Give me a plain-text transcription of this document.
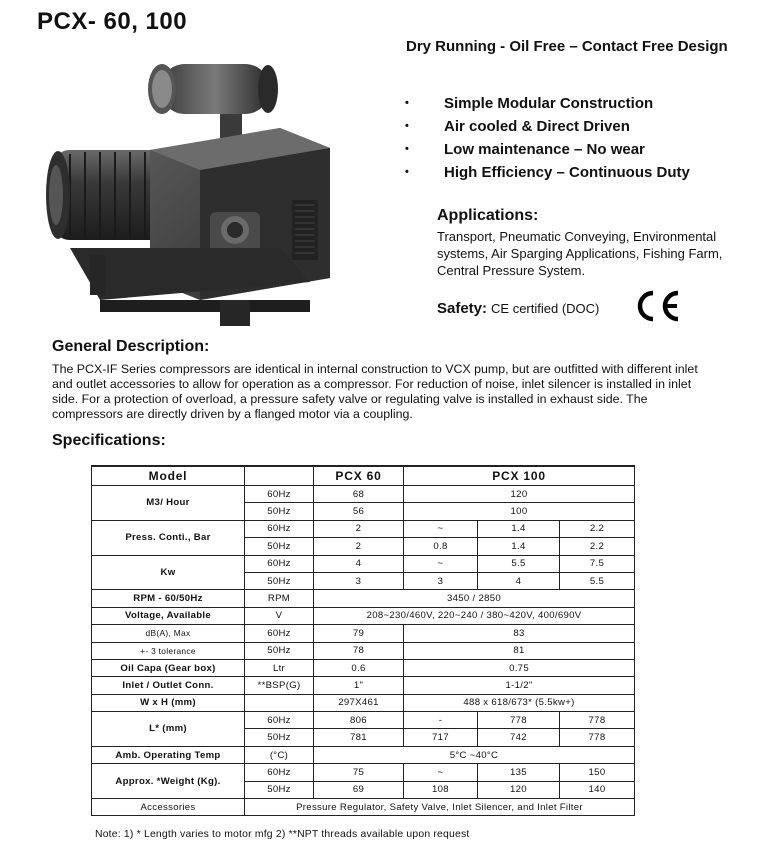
PCX- 60, 100
Dry Running - Oil Free – Contact Free Design
• Simple Modular Construction
• Air cooled & Direct Driven
• Low maintenance – No wear
• High Efficiency – Continuous Duty
Applications:
Transport, Pneumatic Conveying, Environmental systems, Air Sparging Applications, Fishing Farm, Central Pressure System.
Safety: CE certified (DOC)
General Description:
The PCX-IF Series compressors are identical in internal construction to VCX pump, but are outfitted with different inlet and outlet accessories to allow for operation as a compressor. For reduction of noise, inlet silencer is installed in inlet side. For a protection of overload, a pressure safety valve or regulating valve is installed in exhaust side. The compressors are directly driven by a flanged motor via a coupling.
Specifications:
Model		PCX 60	PCX 100		
M3/ Hour	60Hz	68	120		
	50Hz	56	100		
Press. Conti., Bar	60Hz	2	~	1.4	2.2
	50Hz	2	0.8	1.4	2.2
Kw	60Hz	4	~	5.5	7.5
	50Hz	3	3	4	5.5
RPM - 60/50Hz	RPM	3450 / 2850			
Voltage, Available	V	208~230/460V, 220~240 / 380~420V, 400/690V			
dB(A), Max	60Hz	79	83		
+- 3 tolerance	50Hz	78	81		
Oil Capa (Gear box)	Ltr	0.6	0.75		
Inlet / Outlet Conn.	**BSP(G)	1"	1-1/2"		
W x H (mm)		297X461	488 x 618/673* (5.5kw+)		
L* (mm)	60Hz	806	-	778	778
	50Hz	781	717	742	778
Amb. Operating Temp	(°C)	5°C ~40°C			
Approx. *Weight (Kg).	60Hz	75	~	135	150
	50Hz	69	108	120	140
Accessories	Pressure Regulator, Safety Valve, Inlet Silencer, and Inlet Filter				
Note: 1) * Length varies to motor mfg 2) **NPT threads available upon request
